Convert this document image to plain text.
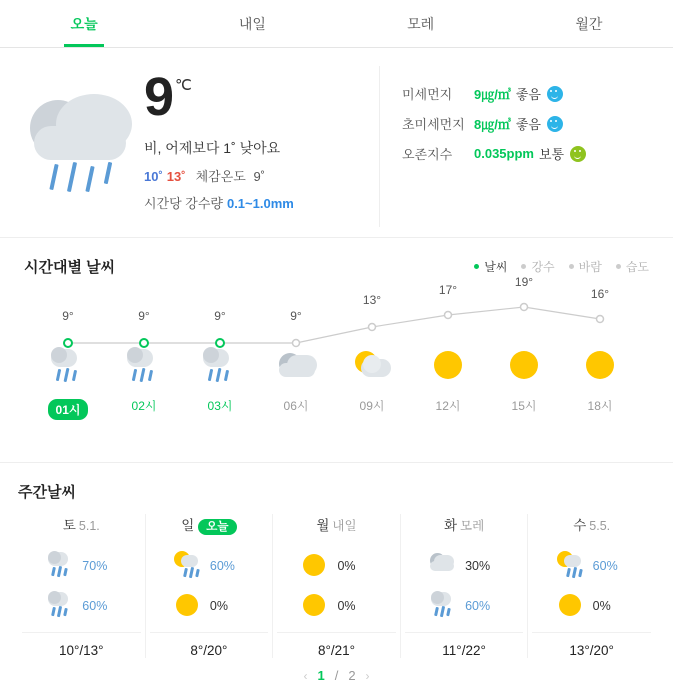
오늘	내일	모레	월간
9 ℃
비, 어제보다 1˚ 낮아요
10˚ 13˚ 체감온도 9˚
시간당 강수량 0.1~1.0mm
미세먼지	9㎍/㎥ 좋음
초미세먼지 8㎍/㎥ 좋음
오존지수	0.035ppm 보통
시간대별 날씨	날씨 강수 바람 습도
9°
01시
9°
02시
9°
03시
9°
06시
13°
09시
17°
12시
19°
15시
16°
18시
주간날씨
토 5.1.
70%
60%
10°/13°
일 오늘
60%
0%
8°/20°
월 내일
0%
0%
8°/21°
화 모레
30%
60%
11°/22°
수 5.5.
60%
0%
13°/20°
‹ 1 / 2 ›
